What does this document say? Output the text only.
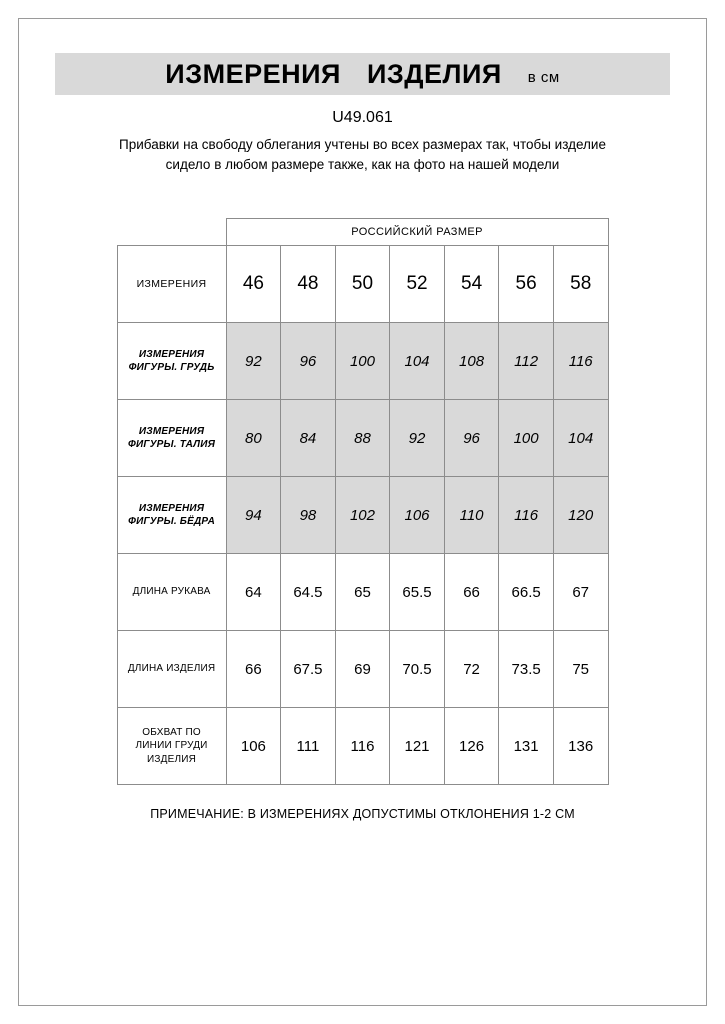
ИЗМЕРЕНИЯ ИЗДЕЛИЯ в см
U49.061
Прибавки на свободу облегания учтены во всех размерах так, чтобы изделие сидело в любом размере также, как на фото на нашей модели
	РОССИЙСКИЙ РАЗМЕР						
ИЗМЕРЕНИЯ	46	48	50	52	54	56	58
ИЗМЕРЕНИЯ ФИГУРЫ. ГРУДЬ	92	96	100	104	108	112	116
ИЗМЕРЕНИЯ ФИГУРЫ. ТАЛИЯ	80	84	88	92	96	100	104
ИЗМЕРЕНИЯ ФИГУРЫ. БЁДРА	94	98	102	106	110	116	120
ДЛИНА РУКАВА	64	64.5	65	65.5	66	66.5	67
ДЛИНА ИЗДЕЛИЯ	66	67.5	69	70.5	72	73.5	75
ОБХВАТ ПО ЛИНИИ ГРУДИ ИЗДЕЛИЯ	106	111	116	121	126	131	136
ПРИМЕЧАНИЕ: В ИЗМЕРЕНИЯХ ДОПУСТИМЫ ОТКЛОНЕНИЯ 1-2 СМ
